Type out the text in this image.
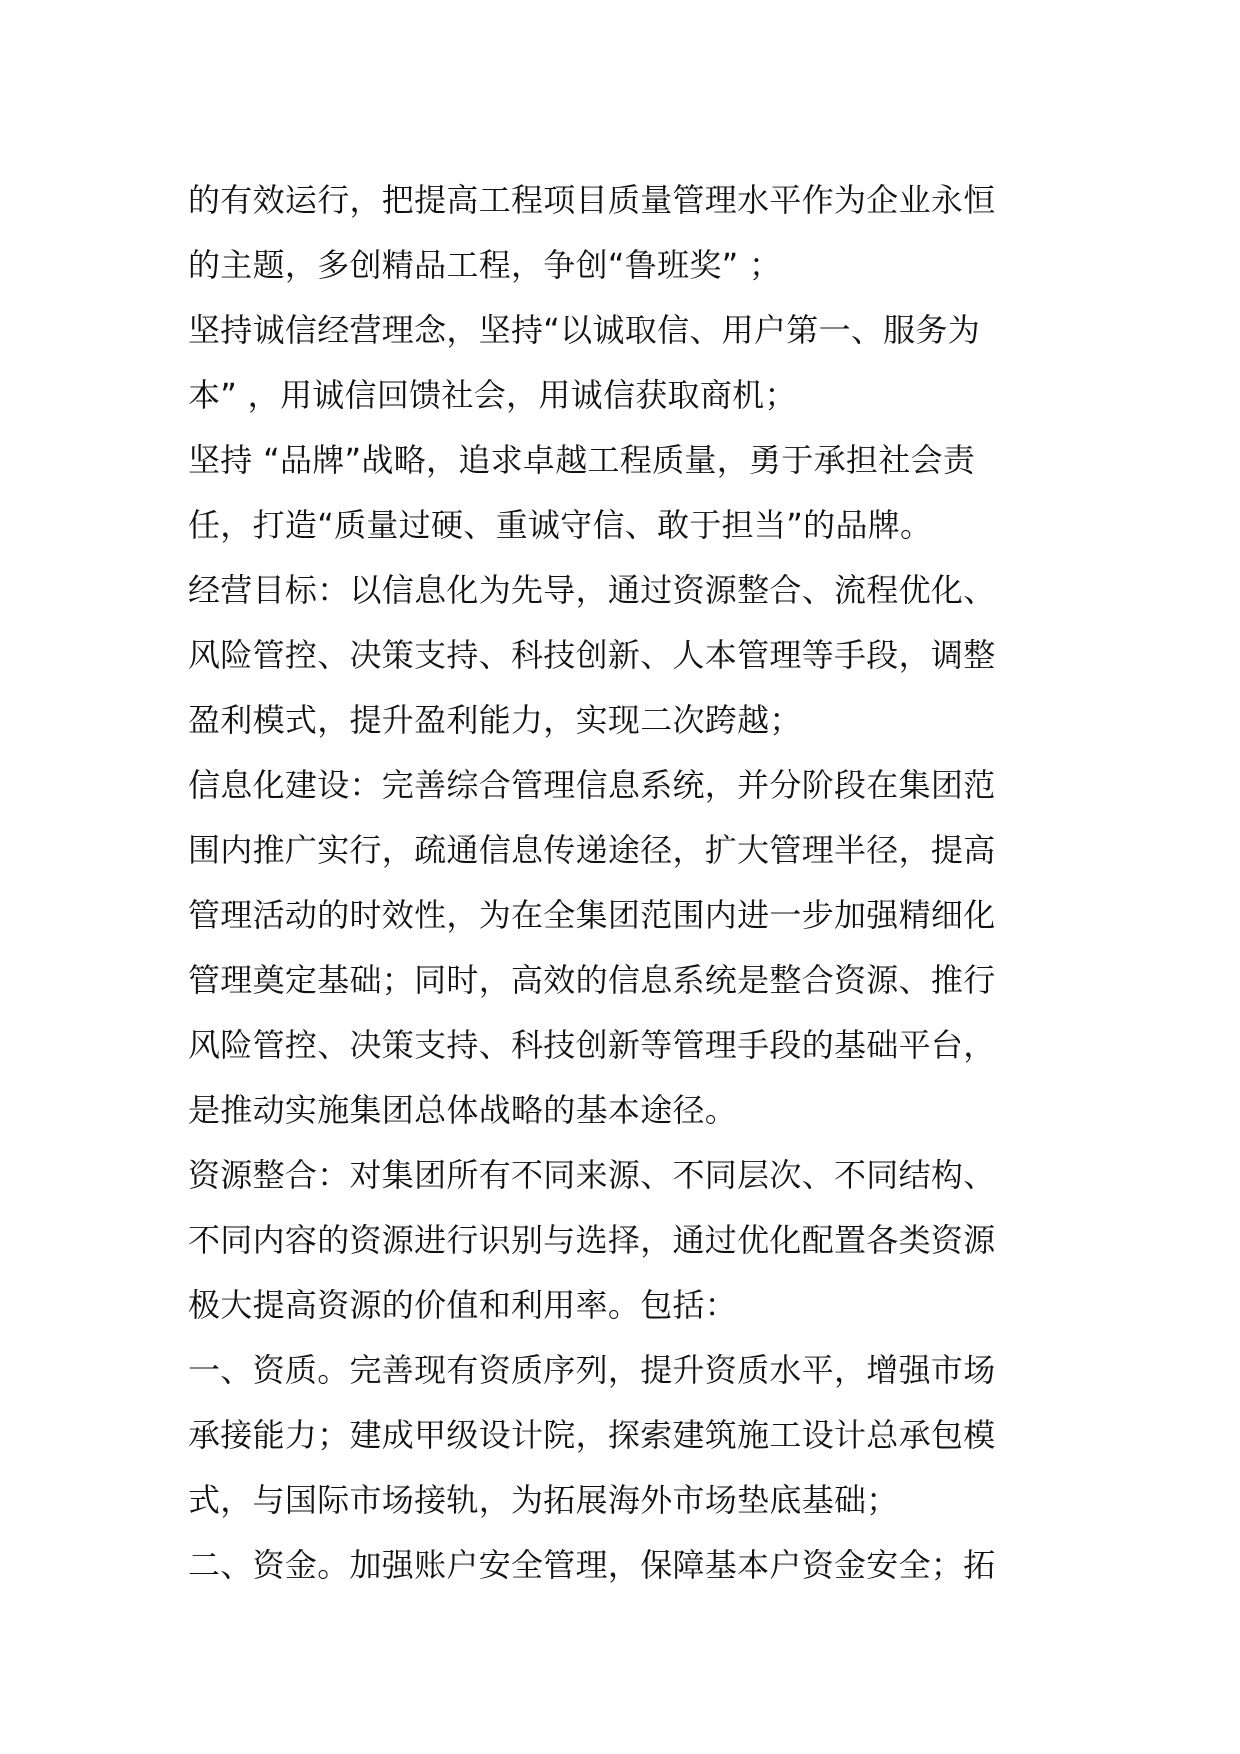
的有效运行，把提高工程项目质量管理水平作为企业永恒
的主题，多创精品工程，争创“鲁班奖” ；
坚持诚信经营理念，坚持“以诚取信、用户第一、服务为
本” ，用诚信回馈社会，用诚信获取商机；
坚持 “品牌”战略，追求卓越工程质量，勇于承担社会责
任，打造“质量过硬、重诚守信、敢于担当”的品牌。
经营目标：以信息化为先导，通过资源整合、流程优化、
风险管控、决策支持、科技创新、人本管理等手段，调整
盈利模式，提升盈利能力，实现二次跨越；
信息化建设：完善综合管理信息系统，并分阶段在集团范
围内推广实行，疏通信息传递途径，扩大管理半径，提高
管理活动的时效性，为在全集团范围内进一步加强精细化
管理奠定基础；同时，高效的信息系统是整合资源、推行
风险管控、决策支持、科技创新等管理手段的基础平台，
是推动实施集团总体战略的基本途径。
资源整合：对集团所有不同来源、不同层次、不同结构、
不同内容的资源进行识别与选择，通过优化配置各类资源
极大提高资源的价值和利用率。包括：
一、资质。完善现有资质序列，提升资质水平，增强市场
承接能力；建成甲级设计院，探索建筑施工设计总承包模
式，与国际市场接轨，为拓展海外市场垫底基础；
二、资金。加强账户安全管理，保障基本户资金安全；拓
